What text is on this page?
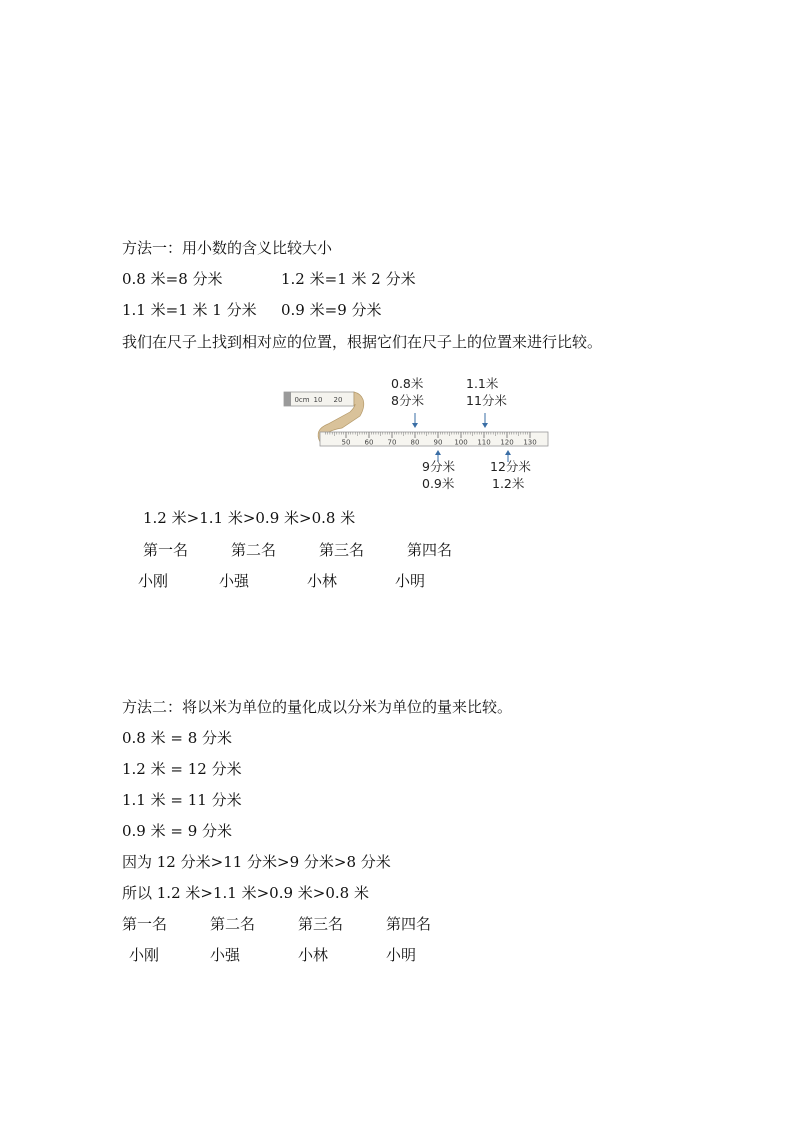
方法一：用小数的含义比较大小
0.8 米=8 分米	1.2 米=1 米 2 分米
1.1 米=1 米 1 分米 0.9 米=9 分米
我们在尺子上找到相对应的位置，根据它们在尺子上的位置来进行比较。
50 60 70 80 90 100 110 120 130
0cm 10 20
0.8米
8分米
1.1米
11分米
9分米
0.9米
12分米
1.2米
1.2 米>1.1 米>0.9 米>0.8 米
第一名	第二名	第三名	第四名
小刚	小强	小林	小明
方法二：将以米为单位的量化成以分米为单位的量来比较。
0.8 米 = 8 分米
1.2 米 = 12 分米
1.1 米 = 11 分米
0.9 米 = 9 分米
因为 12 分米>11 分米>9 分米>8 分米
所以 1.2 米>1.1 米>0.9 米>0.8 米
第一名	第二名	第三名	第四名
小刚	小强	小林	小明
